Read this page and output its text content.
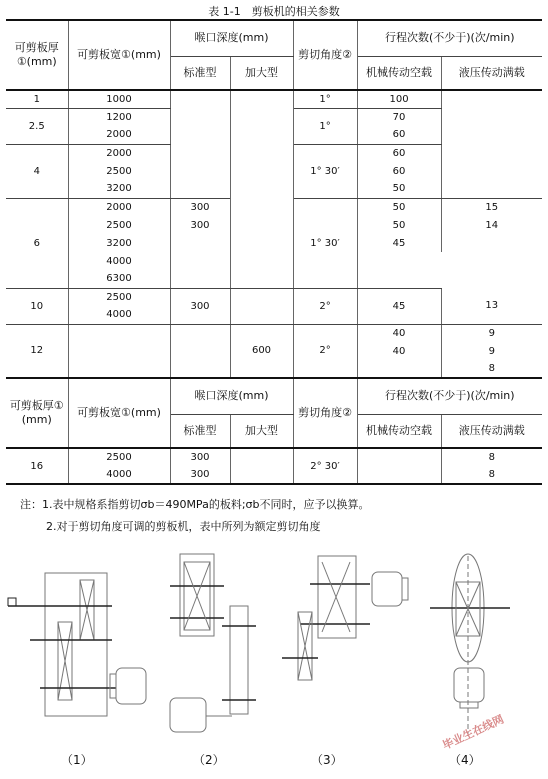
表 1-1　剪板机的相关参数
可剪板厚①(mm)	可剪板宽①(mm)	喉口深度(mm)		剪切角度②	行程次数(不少于)(次/min)	
		标准型	加大型		机械传动空载	液压传动满载
1	1000			1°	100	
2.5	1200			1°	70	
	2000				60	
4	2000			1° 30′	60	
	2500				60	
	3200				50	
6	2000	300		1° 30′	50	15
	2500	300			50	14
	3200				45	
	4000					
	6300					
10	2500	300		2°	45	13
	4000					
12			600	2°	40	9
					40	9
						8
可剪板厚① (mm)	可剪板宽①(mm)	喉口深度(mm)		剪切角度②	行程次数(不少于)(次/min)	
		标准型	加大型		机械传动空载	液压传动满载
16	2500	300		2° 30′		8
	4000	300				8
注：1.表中规格系指剪切σb＝490MPa的板料;σb不同时，应予以换算。
2.对于剪切角度可调的剪板机，表中所列为额定剪切角度
（1）	（2）	（3）	（4）
毕业生在线网
